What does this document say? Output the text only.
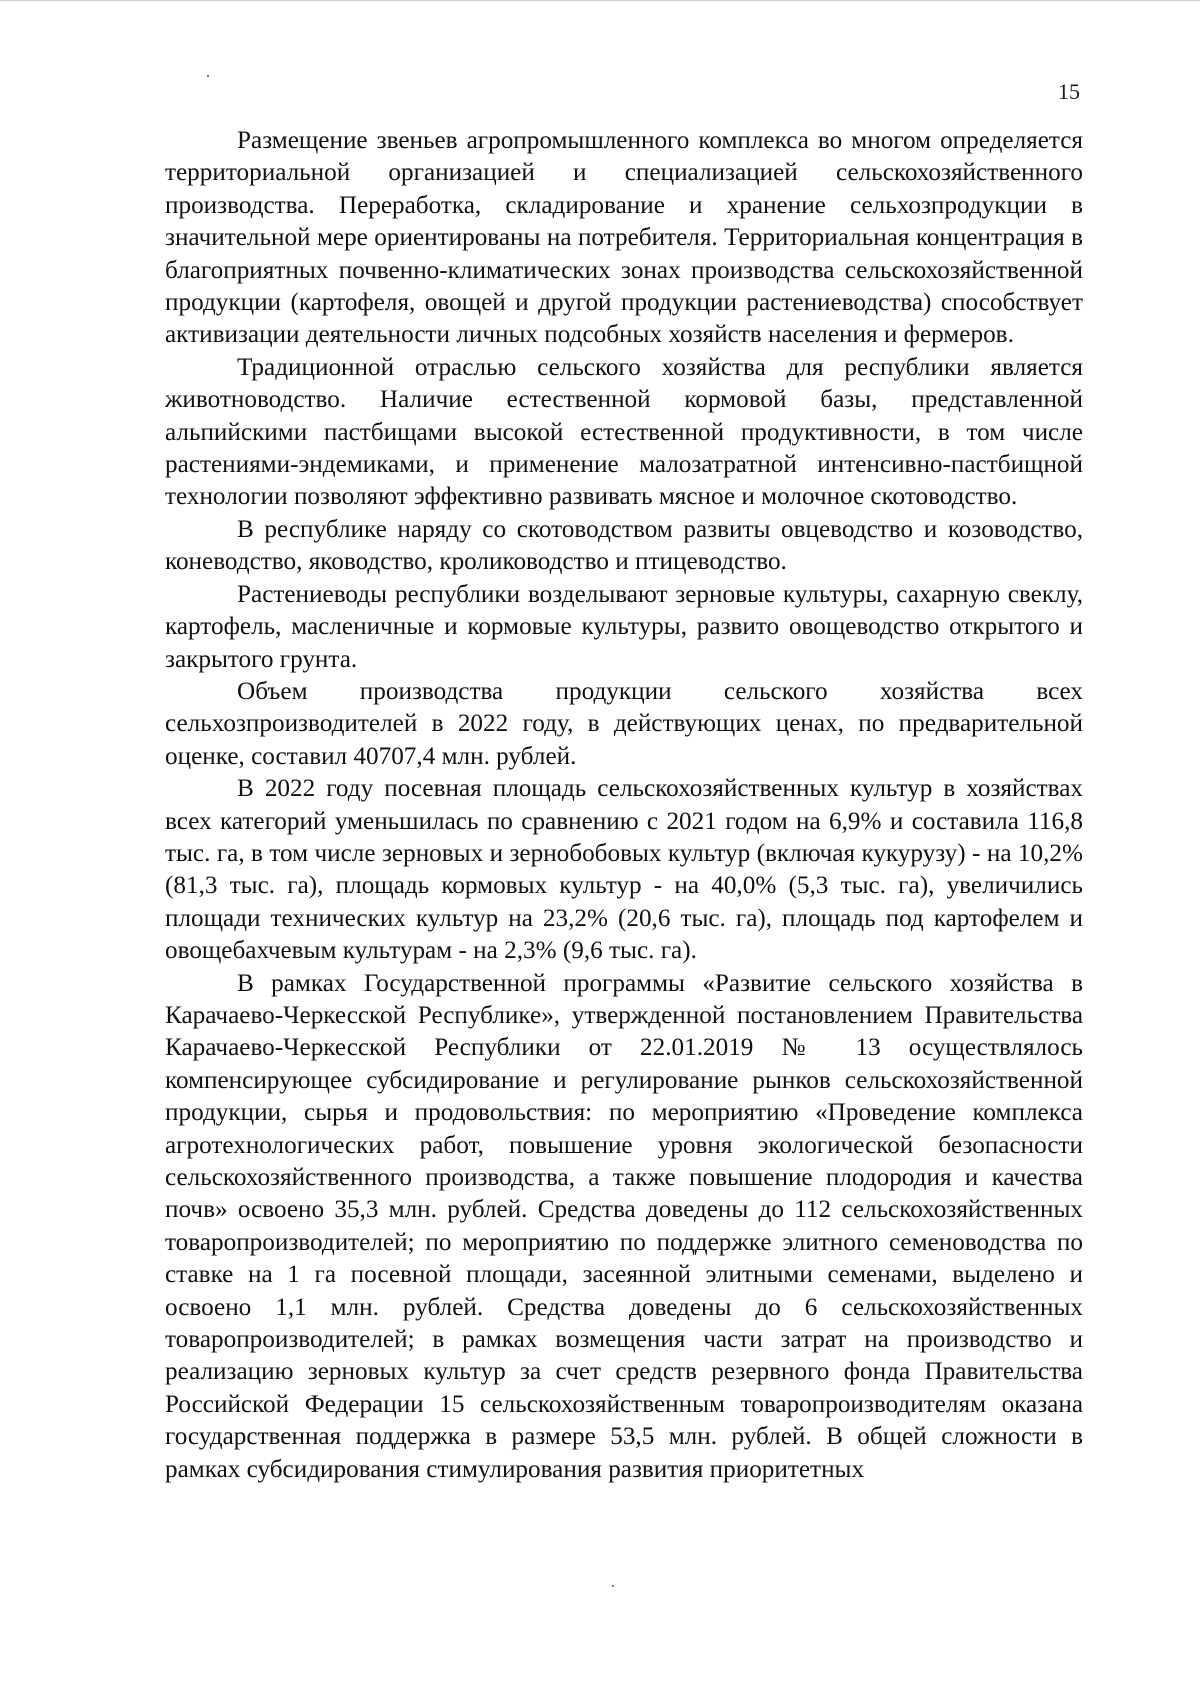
15

Размещение звеньев агропромышленного комплекса во многом определяется территориальной организацией и специализацией сельскохозяйственного производства. Переработка, складирование и хранение сельхозпродукции в значительной мере ориентированы на потребителя. Территориальная концентрация в благоприятных почвенно-климатических зонах производства сельскохозяйственной продукции (картофеля, овощей и другой продукции растениеводства) способствует активизации деятельности личных подсобных хозяйств населения и фермеров.

Традиционной отраслью сельского хозяйства для республики является животноводство. Наличие естественной кормовой базы, представленной альпийскими пастбищами высокой естественной продуктивности, в том числе растениями-эндемиками, и применение малозатратной интенсивно-пастбищной технологии позволяют эффективно развивать мясное и молочное скотоводство.

В республике наряду со скотоводством развиты овцеводство и козоводство, коневодство, яководство, кролиководство и птицеводство.

Растениеводы республики возделывают зерновые культуры, сахарную свеклу, картофель, масленичные и кормовые культуры, развито овощеводство открытого и закрытого грунта.

Объем производства продукции сельского хозяйства всех сельхозпроизводителей в 2022 году, в действующих ценах, по предварительной оценке, составил 40707,4 млн. рублей.

В 2022 году посевная площадь сельскохозяйственных культур в хозяйствах всех категорий уменьшилась по сравнению с 2021 годом на 6,9% и составила 116,8 тыс. га, в том числе зерновых и зернобобовых культур (включая кукурузу) - на 10,2% (81,3 тыс. га), площадь кормовых культур - на 40,0% (5,3 тыс. га), увеличились площади технических культур на 23,2% (20,6 тыс. га), площадь под картофелем и овощебахчевым культурам - на 2,3% (9,6 тыс. га).

В рамках Государственной программы «Развитие сельского хозяйства в Карачаево-Черкесской Республике», утвержденной постановлением Правительства Карачаево-Черкесской Республики от 22.01.2019 № 13 осуществлялось компенсирующее субсидирование и регулирование рынков сельскохозяйственной продукции, сырья и продовольствия: по мероприятию «Проведение комплекса агротехнологических работ, повышение уровня экологической безопасности сельскохозяйственного производства, а также повышение плодородия и качества почв» освоено 35,3 млн. рублей. Средства доведены до 112 сельскохозяйственных товаропроизводителей; по мероприятию по поддержке элитного семеноводства по ставке на 1 га посевной площади, засеянной элитными семенами, выделено и освоено 1,1 млн. рублей. Средства доведены до 6 сельскохозяйственных товаропроизводителей; в рамках возмещения части затрат на производство и реализацию зерновых культур за счет средств резервного фонда Правительства Российской Федерации 15 сельскохозяйственным товаропроизводителям оказана государственная поддержка в размере 53,5 млн. рублей. В общей сложности в рамках субсидирования стимулирования развития приоритетных
